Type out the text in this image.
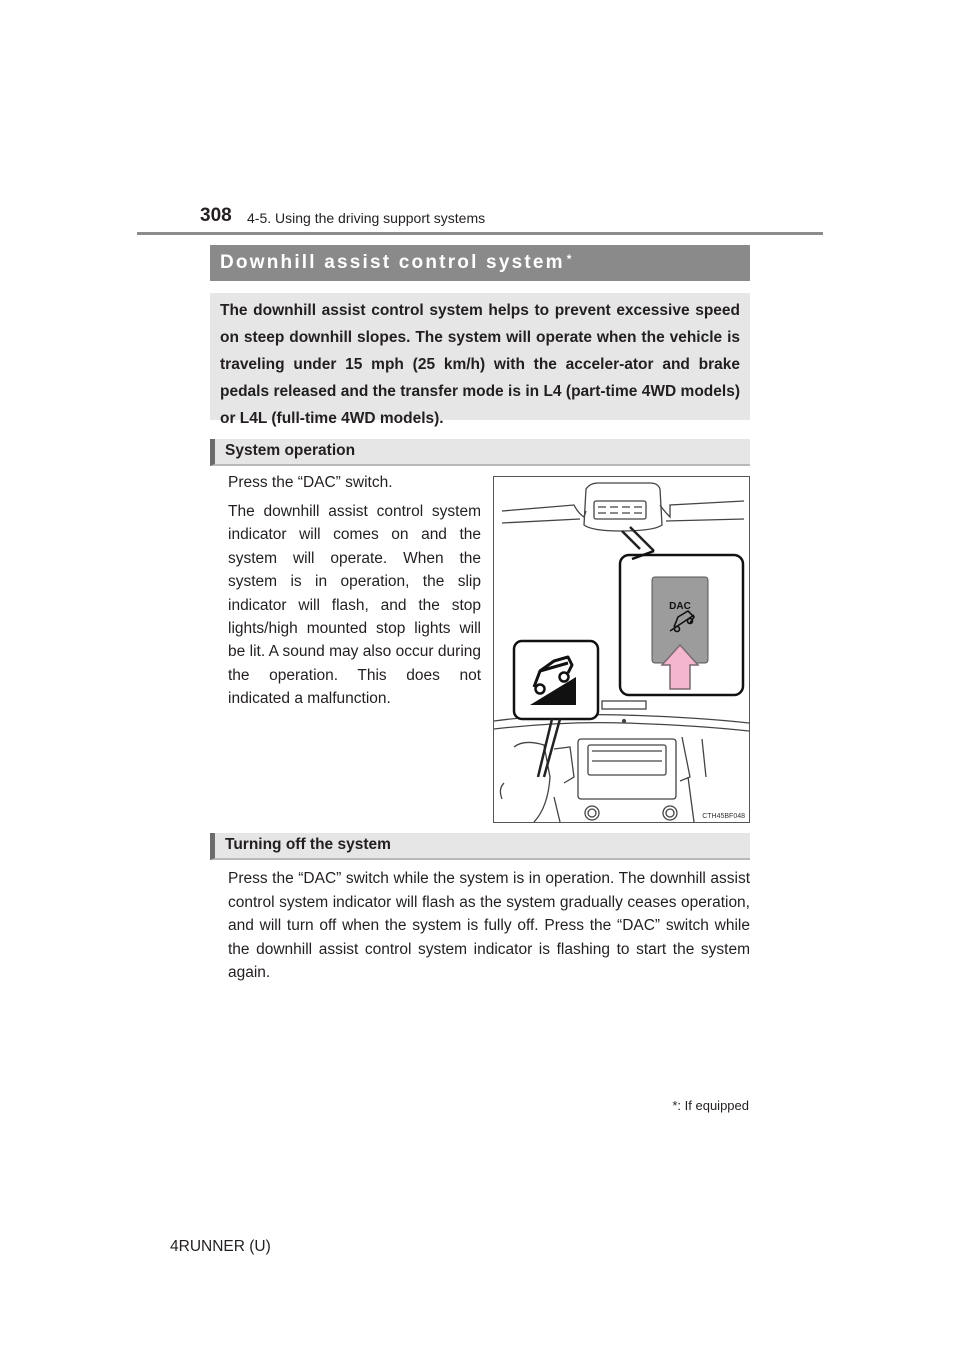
308 4-5. Using the driving support systems
Downhill assist control system *

The downhill assist control system helps to prevent excessive speed on steep downhill slopes. The system will operate when the vehicle is traveling under 15 mph (25 km/h) with the acceler-ator and brake pedals released and the transfer mode is in L4 (part-time 4WD models) or L4L (full-time 4WD models).

System operation
Press the “DAC” switch.

The downhill assist control system indicator will comes on and the system will operate. When the system is in operation, the slip indicator will flash, and the stop lights/high mounted stop lights will be lit. A sound may also occur during the operation. This does not indicated a malfunction.

DAC
CTH45BF048
Turning off the system

Press the “DAC” switch while the system is in operation. The downhill assist control system indicator will flash as the system gradually ceases operation, and will turn off when the system is fully off. Press the “DAC” switch while the downhill assist control system indicator is flashing to start the system again.

*: If equipped
4RUNNER (U)
